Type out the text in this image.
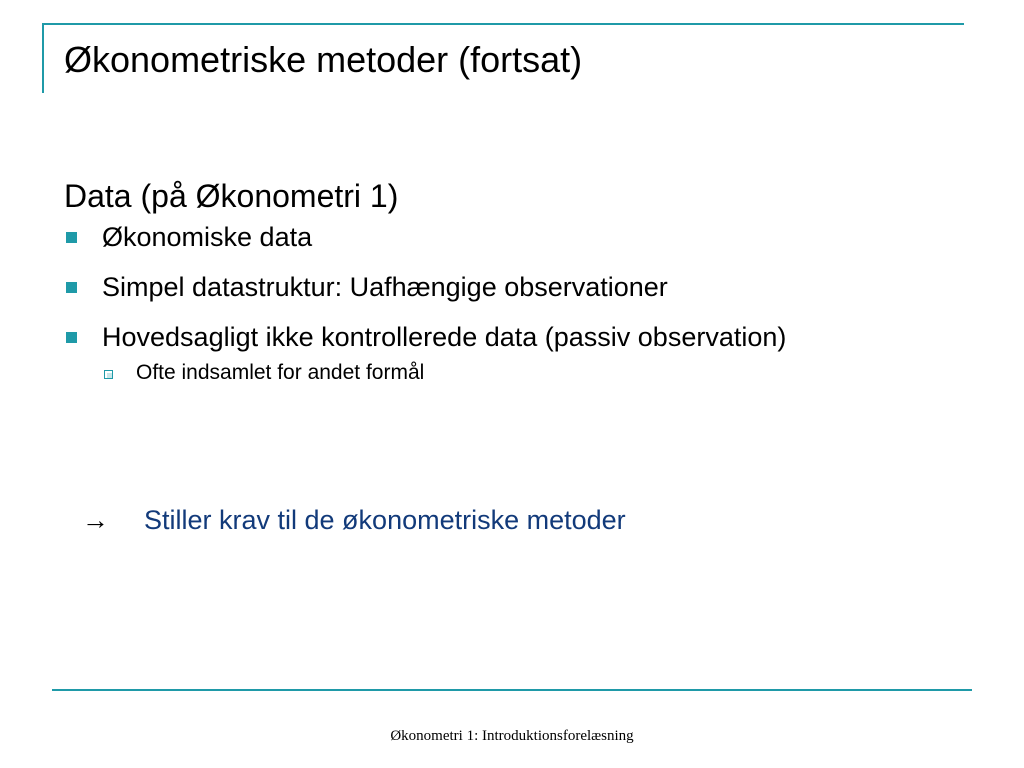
Økonometriske metoder (fortsat)
Data (på Økonometri 1)
Økonomiske data
Simpel datastruktur: Uafhængige observationer
Hovedsagligt ikke kontrollerede data (passiv observation)
Ofte indsamlet for andet formål
→ Stiller krav til de økonometriske metoder
Økonometri 1: Introduktionsforelæsning
